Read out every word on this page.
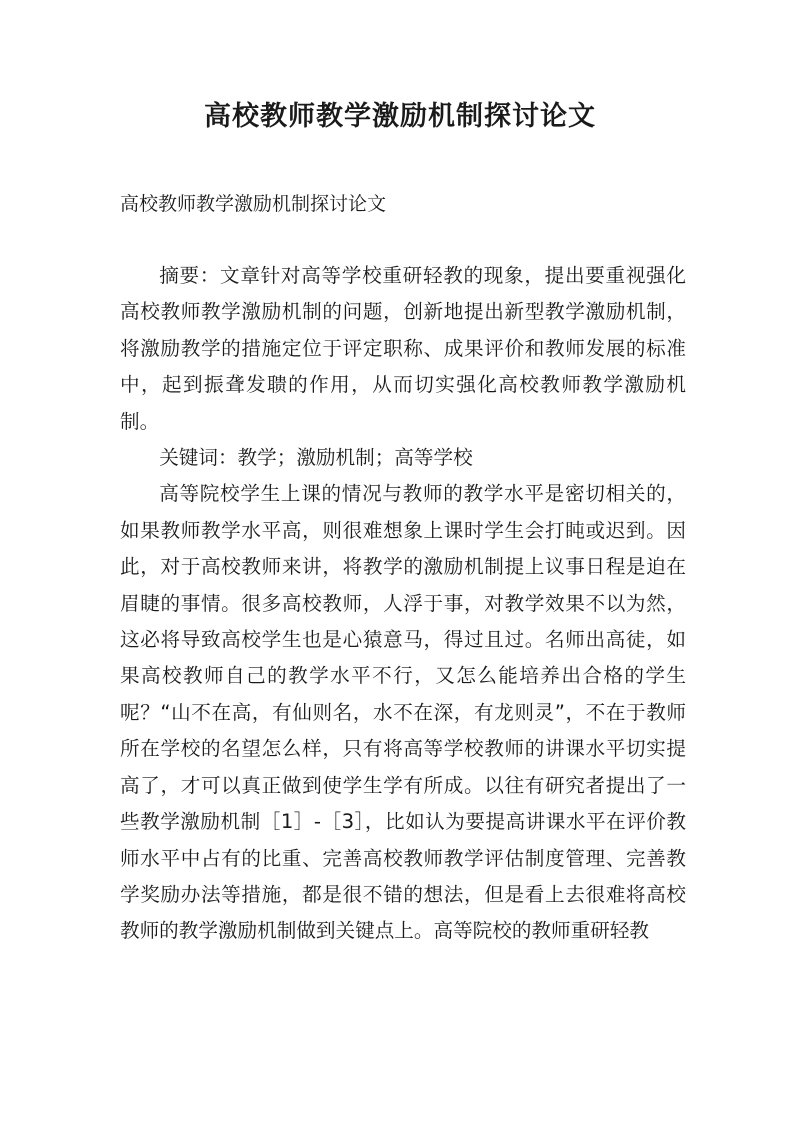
高校教师教学激励机制探讨论文

高校教师教学激励机制探讨论文

摘要：文章针对高等学校重研轻教的现象，提出要重视强化高校教师教学激励机制的问题，创新地提出新型教学激励机制，将激励教学的措施定位于评定职称、成果评价和教师发展的标准中，起到振聋发聩的作用，从而切实强化高校教师教学激励机制。

关键词：教学；激励机制；高等学校

高等院校学生上课的情况与教师的教学水平是密切相关的，如果教师教学水平高，则很难想象上课时学生会打盹或迟到。因此，对于高校教师来讲，将教学的激励机制提上议事日程是迫在眉睫的事情。很多高校教师，人浮于事，对教学效果不以为然，这必将导致高校学生也是心猿意马，得过且过。名师出高徒，如果高校教师自己的教学水平不行，又怎么能培养出合格的学生呢？“山不在高，有仙则名，水不在深，有龙则灵”，不在于教师所在学校的名望怎么样，只有将高等学校教师的讲课水平切实提高了，才可以真正做到使学生学有所成。以往有研究者提出了一些教学激励机制［1］-［3］，比如认为要提高讲课水平在评价教师水平中占有的比重、完善高校教师教学评估制度管理、完善教学奖励办法等措施，都是很不错的想法，但是看上去很难将高校教师的教学激励机制做到关键点上。高等院校的教师重研轻教
